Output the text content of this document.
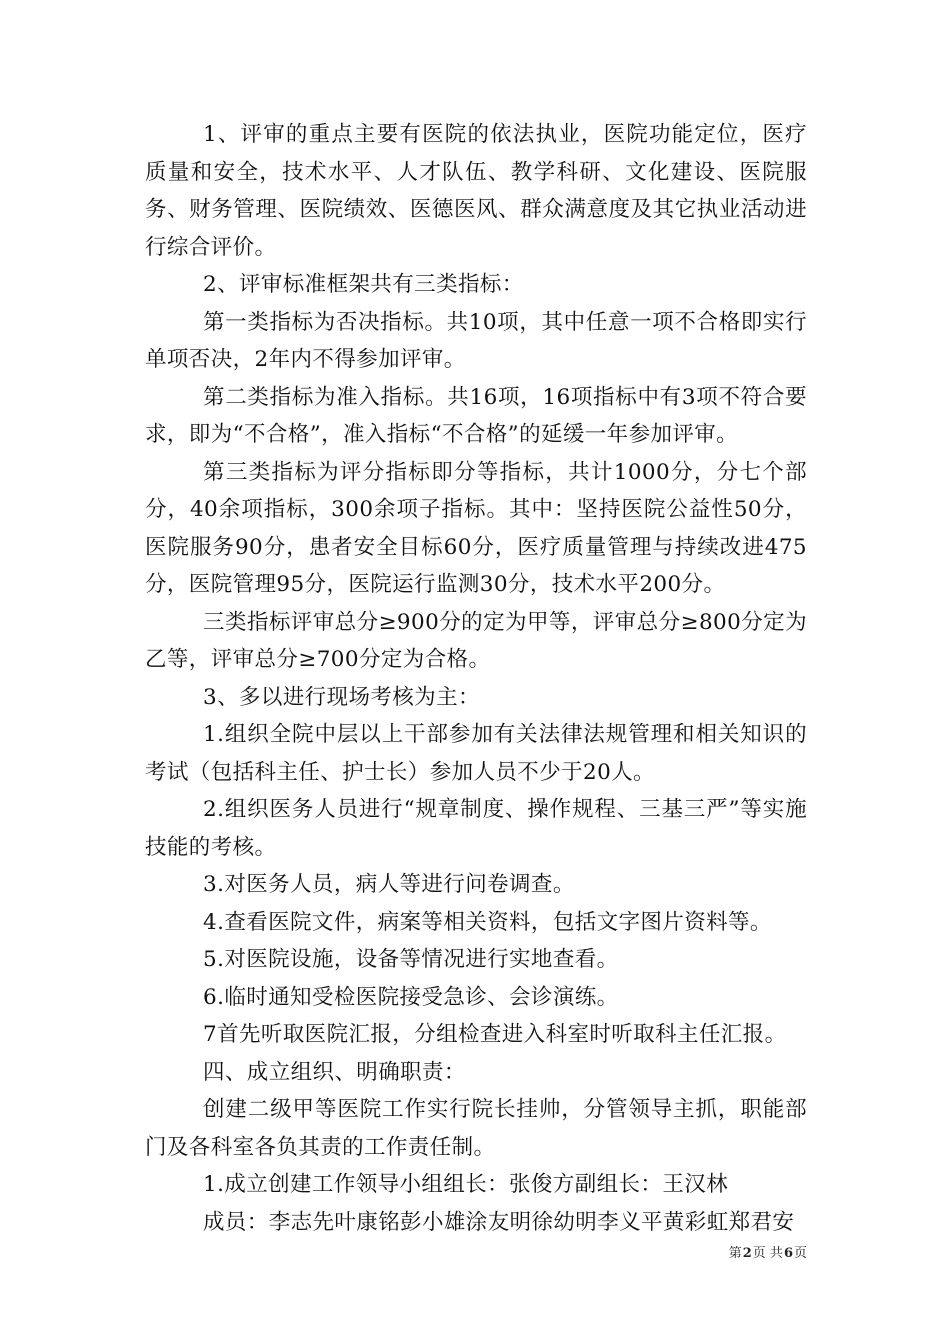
1、评审的重点主要有医院的依法执业，医院功能定位，医疗质量和安全，技术水平、人才队伍、教学科研、文化建设、医院服务、财务管理、医院绩效、医德医风、群众满意度及其它执业活动进行综合评价。

2、评审标准框架共有三类指标：

第一类指标为否决指标。共10项，其中任意一项不合格即实行单项否决，2年内不得参加评审。

第二类指标为准入指标。共16项，16项指标中有3项不符合要求，即为“不合格”，准入指标“不合格”的延缓一年参加评审。

第三类指标为评分指标即分等指标，共计1000分，分七个部分，40余项指标，300余项子指标。其中：坚持医院公益性50分，医院服务90分，患者安全目标60分，医疗质量管理与持续改进475分，医院管理95分，医院运行监测30分，技术水平200分。

三类指标评审总分≥900分的定为甲等，评审总分≥800分定为乙等，评审总分≥700分定为合格。

3、多以进行现场考核为主：

1.组织全院中层以上干部参加有关法律法规管理和相关知识的考试（包括科主任、护士长）参加人员不少于20人。

2.组织医务人员进行“规章制度、操作规程、三基三严”等实施技能的考核。

3.对医务人员，病人等进行问卷调查。

4.查看医院文件，病案等相关资料，包括文字图片资料等。

5.对医院设施，设备等情况进行实地查看。

6.临时通知受检医院接受急诊、会诊演练。

7首先听取医院汇报，分组检查进入科室时听取科主任汇报。

四、成立组织、明确职责：

创建二级甲等医院工作实行院长挂帅，分管领导主抓，职能部门及各科室各负其责的工作责任制。

1.成立创建工作领导小组组长：张俊方副组长：王汉林

成员：李志先叶康铭彭小雄涂友明徐幼明李义平黄彩虹郑君安

第2页 共6页
